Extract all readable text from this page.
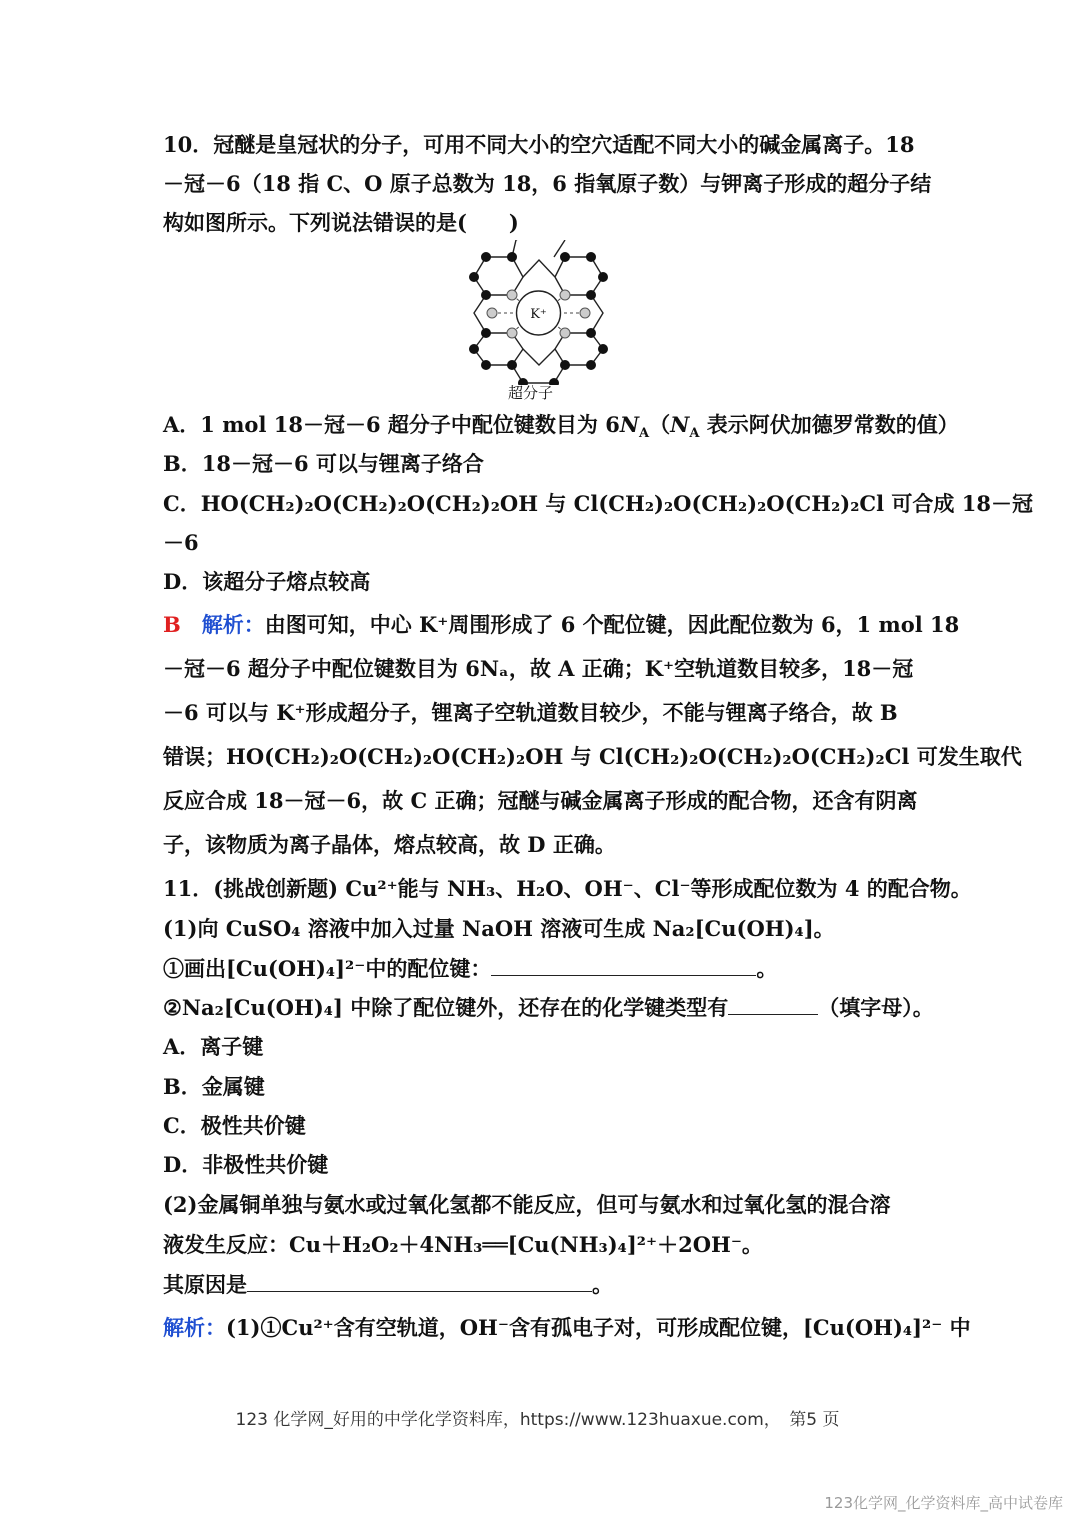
10．冠醚是皇冠状的分子，可用不同大小的空穴适配不同大小的碱金属离子。18
－冠－6（18 指 C、O 原子总数为 18，6 指氧原子数）与钾离子形成的超分子结
构如图所示。下列说法错误的是(　　)
K⁺
超分子
A．1 mol 18－冠－6 超分子中配位键数目为 $6N_A(N_A$ 表示阿伏加德罗常数的值）
B．18－冠－6 可以与锂离子络合
C．HO(CH₂)₂O(CH₂)₂O(CH₂)₂OH 与 Cl(CH₂)₂O(CH₂)₂O(CH₂)₂Cl 可合成 18－冠
－6
D．该超分子熔点较高
B　 解析：由图可知，中心 K⁺周围形成了 6 个配位键，因此配位数为 6，1 mol 18
－冠－6 超分子中配位键数目为 6Nₐ，故 A 正确；K⁺空轨道数目较多，18－冠
－6 可以与 K⁺形成超分子，锂离子空轨道数目较少，不能与锂离子络合，故 B
错误；HO(CH₂)₂O(CH₂)₂O(CH₂)₂OH 与 Cl(CH₂)₂O(CH₂)₂O(CH₂)₂Cl 可发生取代
反应合成 18－冠－6，故 C 正确；冠醚与碱金属离子形成的配合物，还含有阴离
子，该物质为离子晶体，熔点较高，故 D 正确。
11．(挑战创新题) Cu²⁺能与 NH₃、H₂O、OH⁻、Cl⁻等形成配位数为 4 的配合物。
(1)向 CuSO₄ 溶液中加入过量 NaOH 溶液可生成 Na₂[Cu(OH)₄]。
①画出[Cu(OH)₄]²⁻中的配位键：	。
②Na₂[Cu(OH)₄] 中除了配位键外，还存在的化学键类型有	（填字母）。
A．离子键
B．金属键
C．极性共价键
D．非极性共价键
(2)金属铜单独与氨水或过氧化氢都不能反应，但可与氨水和过氧化氢的混合溶
液发生反应：Cu＋H₂O₂＋4NH₃══[Cu(NH₃)₄]²⁺＋2OH⁻。
其原因是	。
解析：(1)①Cu²⁺含有空轨道，OH⁻含有孤电子对，可形成配位键，[Cu(OH)₄]²⁻ 中
123 化学网_好用的中学化学资料库，https://www.123huaxue.com，　第5 页
123化学网_化学资料库_高中试卷库
